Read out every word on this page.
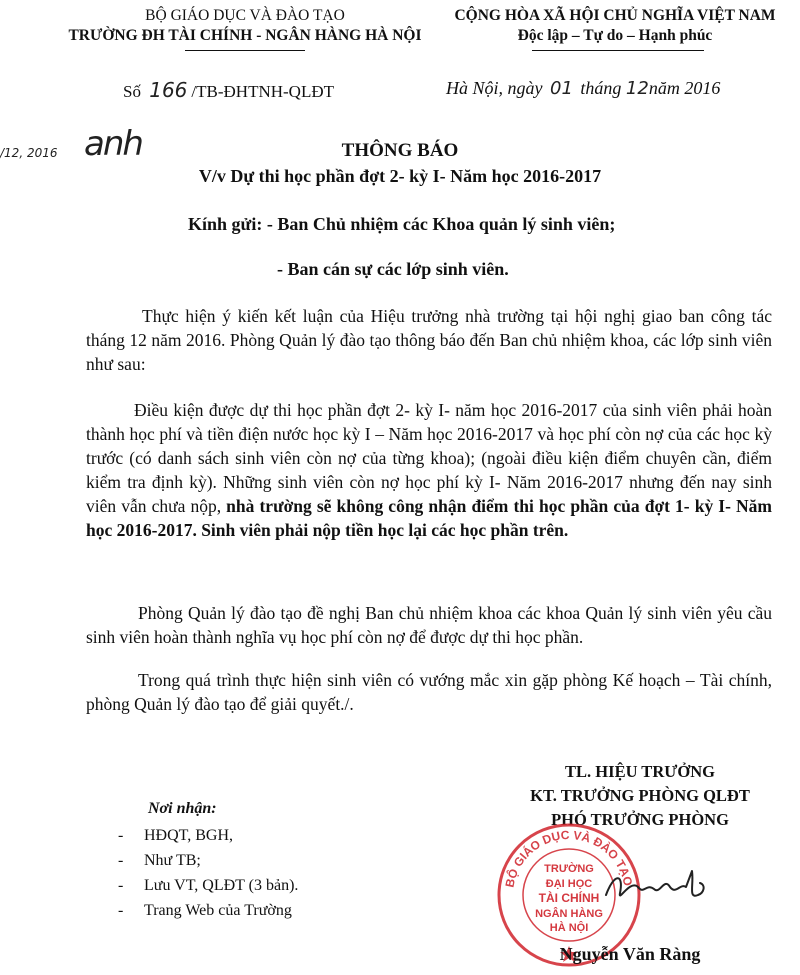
BỘ GIÁO DỤC VÀ ĐÀO TẠO
TRƯỜNG ĐH TÀI CHÍNH - NGÂN HÀNG HÀ NỘI
CỘNG HÒA XÃ HỘI CHỦ NGHĨA VIỆT NAM
Độc lập – Tự do – Hạnh phúc
Số 166 /TB-ĐHTNH-QLĐT	Hà Nội, ngày 01 tháng 12năm 2016
/12, 2016 anh	THÔNG BÁO
V/v Dự thi học phần đợt 2- kỳ I- Năm học 2016-2017
Kính gửi: - Ban Chủ nhiệm các Khoa quản lý sinh viên;
- Ban cán sự các lớp sinh viên.
Thực hiện ý kiến kết luận của Hiệu trưởng nhà trường tại hội nghị giao ban công tác tháng 12 năm 2016. Phòng Quản lý đào tạo thông báo đến Ban chủ nhiệm khoa, các lớp sinh viên như sau:
Điều kiện được dự thi học phần đợt 2- kỳ I- năm học 2016-2017 của sinh viên phải hoàn thành học phí và tiền điện nước học kỳ I – Năm học 2016-2017 và học phí còn nợ của các học kỳ trước (có danh sách sinh viên còn nợ của từng khoa); (ngoài điều kiện điểm chuyên cần, điểm kiểm tra định kỳ). Những sinh viên còn nợ học phí kỳ I- Năm 2016-2017 nhưng đến nay sinh viên vẫn chưa nộp, nhà trường sẽ không công nhận điểm thi học phần của đợt 1- kỳ I- Năm học 2016-2017. Sinh viên phải nộp tiền học lại các học phần trên.
Phòng Quản lý đào tạo đề nghị Ban chủ nhiệm khoa các khoa Quản lý sinh viên yêu cầu sinh viên hoàn thành nghĩa vụ học phí còn nợ để được dự thi học phần.
Trong quá trình thực hiện sinh viên có vướng mắc xin gặp phòng Kế hoạch – Tài chính, phòng Quản lý đào tạo để giải quyết./.
Nơi nhận:
- HĐQT, BGH,
- Như TB;
- Lưu VT, QLĐT (3 bản).
- Trang Web của Trường
TL. HIỆU TRƯỞNG
KT. TRƯỞNG PHÒNG QLĐT
PHÓ TRƯỞNG PHÒNG
BỘ GIÁO DỤC VÀ ĐÀO TẠO
TRƯỜNG
ĐẠI HỌC
TÀI CHÍNH
NGÂN HÀNG
HÀ NỘI
Nguyễn Văn Ràng
